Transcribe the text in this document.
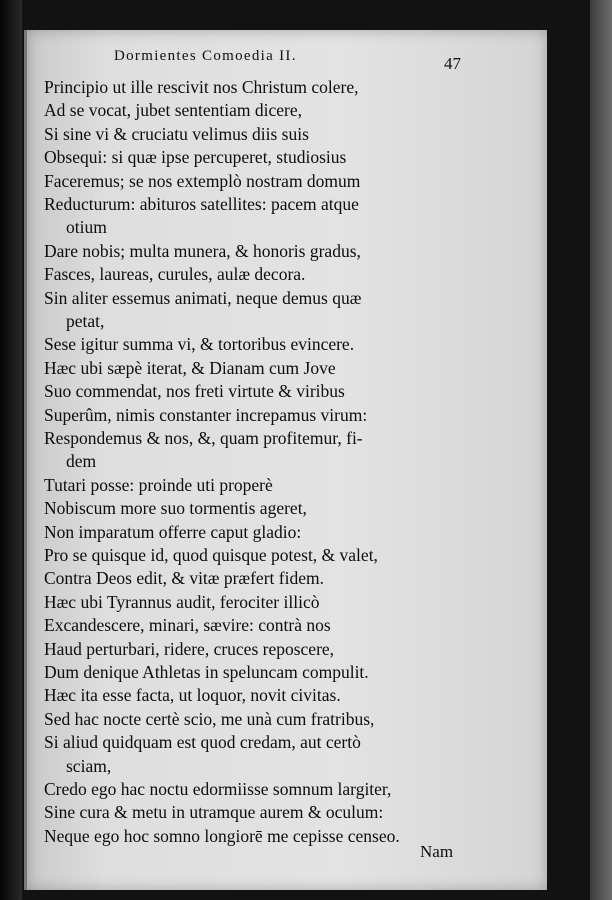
Dormientes Comoedia II.	47
Principio ut ille rescivit nos Christum colere,
Ad se vocat, jubet sententiam dicere,
Si sine vi & cruciatu velimus diis suis
Obsequi: si quæ ipse percuperet, studiosius
Faceremus; se nos extemplò nostram domum
Reducturum: abituros satellites: pacem atque
otium
Dare nobis; multa munera, & honoris gradus,
Fasces, laureas, curules, aulæ decora.
Sin aliter essemus animati, neque demus quæ
petat,
Sese igitur summa vi, & tortoribus evincere.
Hæc ubi sæpè iterat, & Dianam cum Jove
Suo commendat, nos freti virtute & viribus
Superûm, nimis constanter increpamus virum:
Respondemus & nos, &, quam profitemur, fi-
dem
Tutari posse: proinde uti properè
Nobiscum more suo tormentis ageret,
Non imparatum offerre caput gladio:
Pro se quisque id, quod quisque potest, & valet,
Contra Deos edit, & vitæ præfert fidem.
Hæc ubi Tyrannus audit, ferociter illicò
Excandescere, minari, sævire: contrà nos
Haud perturbari, ridere, cruces reposcere,
Dum denique Athletas in speluncam compulit.
Hæc ita esse facta, ut loquor, novit civitas.
Sed hac nocte certè scio, me unà cum fratribus,
Si aliud quidquam est quod credam, aut certò
sciam,
Credo ego hac noctu edormiisse somnum largiter,
Sine cura & metu in utramque aurem & oculum:
Neque ego hoc somno longiorē me cepisse censeo.
Nam
